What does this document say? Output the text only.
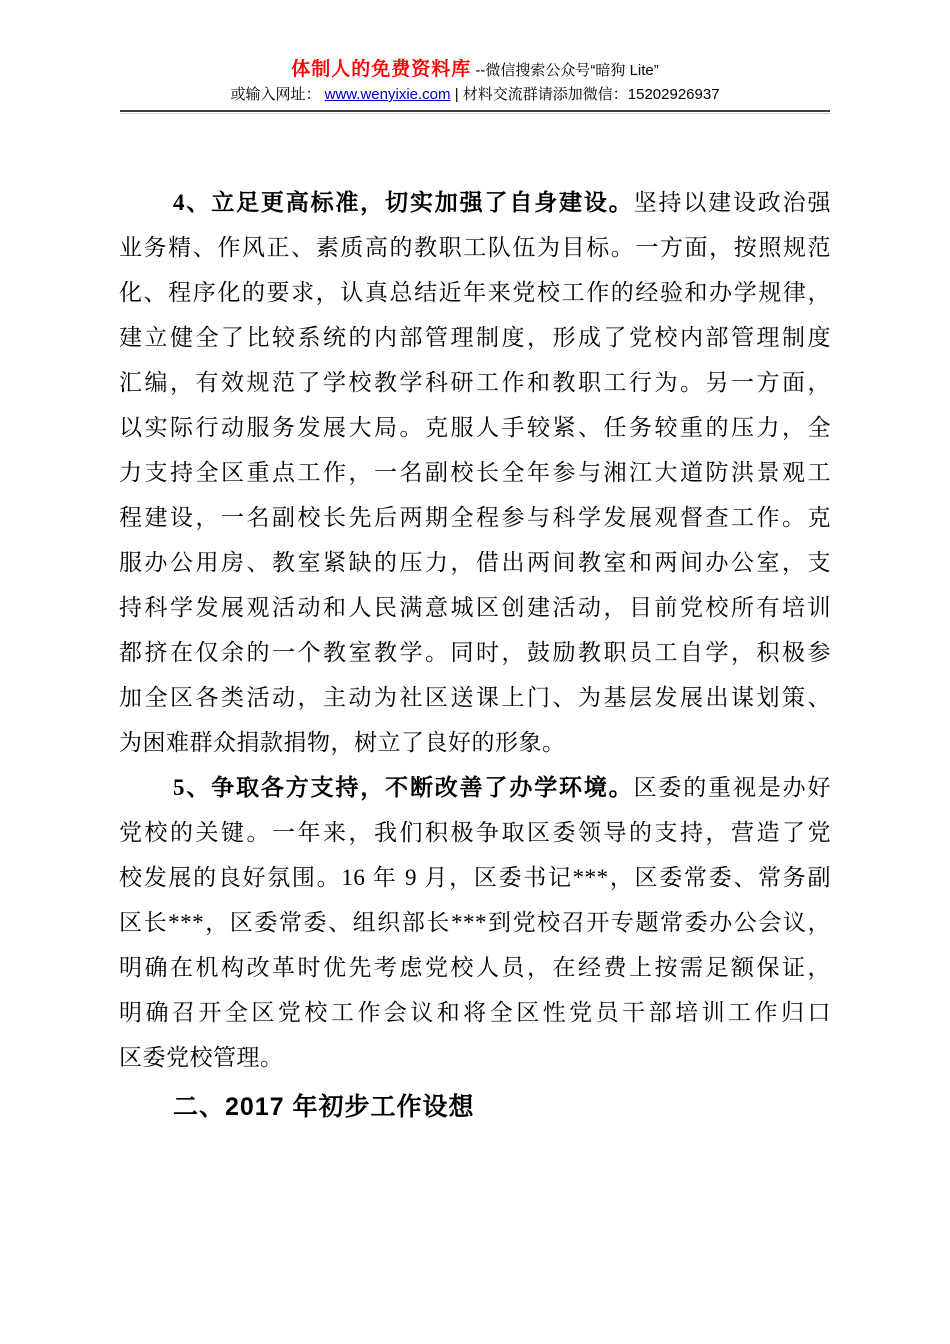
体制人的免费资料库 --微信搜索公众号“暗狗 Lite”
或输入网址： www.wenyixie.com | 材料交流群请添加微信：15202926937
4、立足更高标准，切实加强了自身建设。坚持以建设政治强
业务精、作风正、素质高的教职工队伍为目标。一方面，按照规范
化、程序化的要求，认真总结近年来党校工作的经验和办学规律，
建立健全了比较系统的内部管理制度，形成了党校内部管理制度
汇编，有效规范了学校教学科研工作和教职工行为。另一方面，
以实际行动服务发展大局。克服人手较紧、任务较重的压力，全
力支持全区重点工作，一名副校长全年参与湘江大道防洪景观工
程建设，一名副校长先后两期全程参与科学发展观督查工作。克
服办公用房、教室紧缺的压力，借出两间教室和两间办公室，支
持科学发展观活动和人民满意城区创建活动，目前党校所有培训
都挤在仅余的一个教室教学。同时，鼓励教职员工自学，积极参
加全区各类活动，主动为社区送课上门、为基层发展出谋划策、
为困难群众捐款捐物，树立了良好的形象。
5、争取各方支持，不断改善了办学环境。区委的重视是办好
党校的关键。一年来，我们积极争取区委领导的支持，营造了党
校发展的良好氛围。16 年 9 月，区委书记***，区委常委、常务副
区长***，区委常委、组织部长***到党校召开专题常委办公会议，
明确在机构改革时优先考虑党校人员，在经费上按需足额保证，
明确召开全区党校工作会议和将全区性党员干部培训工作归口
区委党校管理。
二、2017 年初步工作设想
